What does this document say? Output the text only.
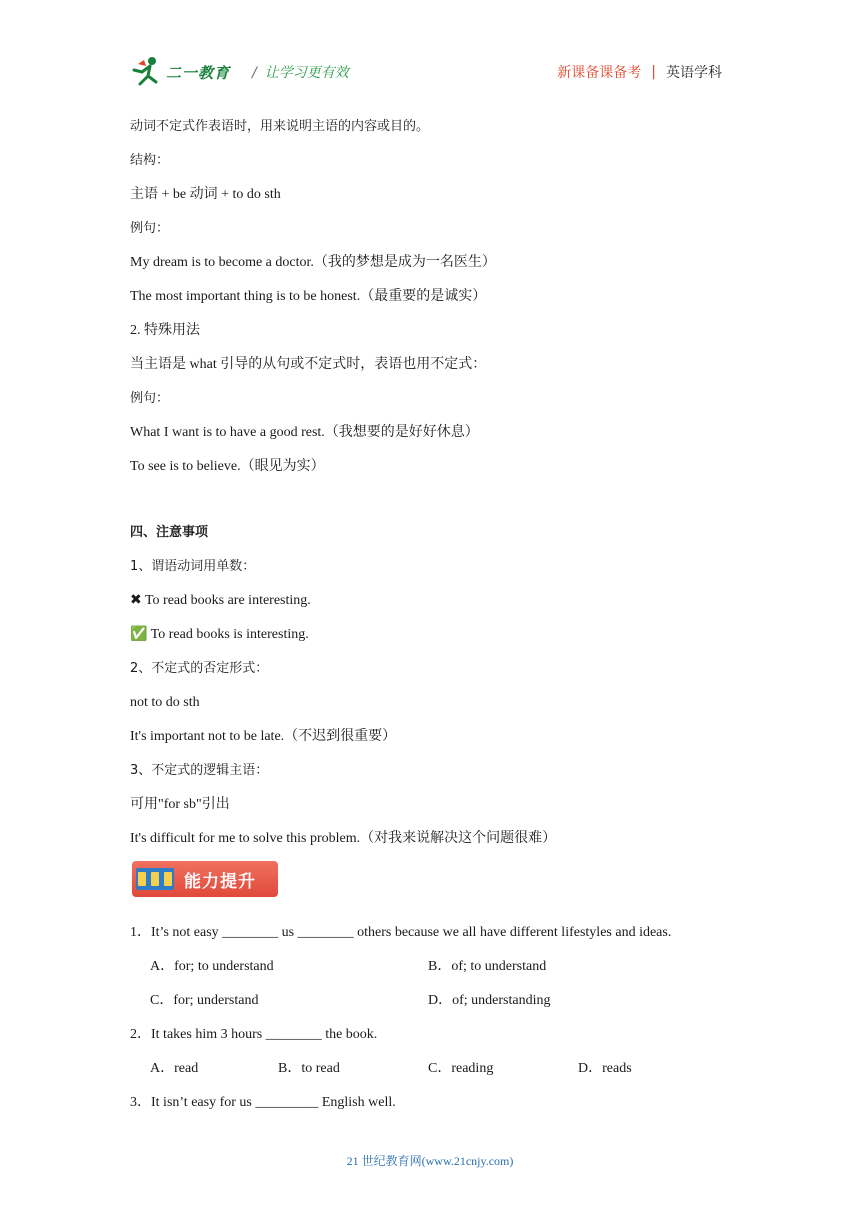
二一教育 / 让学习更有效	新课备课备考 | 英语学科
动词不定式作表语时，用来说明主语的内容或目的。
结构：
主语 + be 动词 + to do sth
例句：
My dream is to become a doctor.（我的梦想是成为一名医生）
The most important thing is to be honest.（最重要的是诚实）
2. 特殊用法
当主语是 what 引导的从句或不定式时，表语也用不定式：
例句：
What I want is to have a good rest.（我想要的是好好休息）
To see is to believe.（眼见为实）
四、注意事项
1、谓语动词用单数：
✖ To read books are interesting.
✅ To read books is interesting.
2、不定式的否定形式：
not to do sth
It's important not to be late.（不迟到很重要）
3、不定式的逻辑主语：
可用"for sb"引出
It's difficult for me to solve this problem.（对我来说解决这个问题很难）
能力提升
1．It’s not easy ________ us ________ others because we all have different lifestyles and ideas.
A．for; to understand	B．of; to understand
C．for; understand	D．of; understanding
2．It takes him 3 hours ________ the book.
A．read	B．to read	C．reading	D．reads
3．It isn’t easy for us _________ English well.
21 世纪教育网(www.21cnjy.com)
